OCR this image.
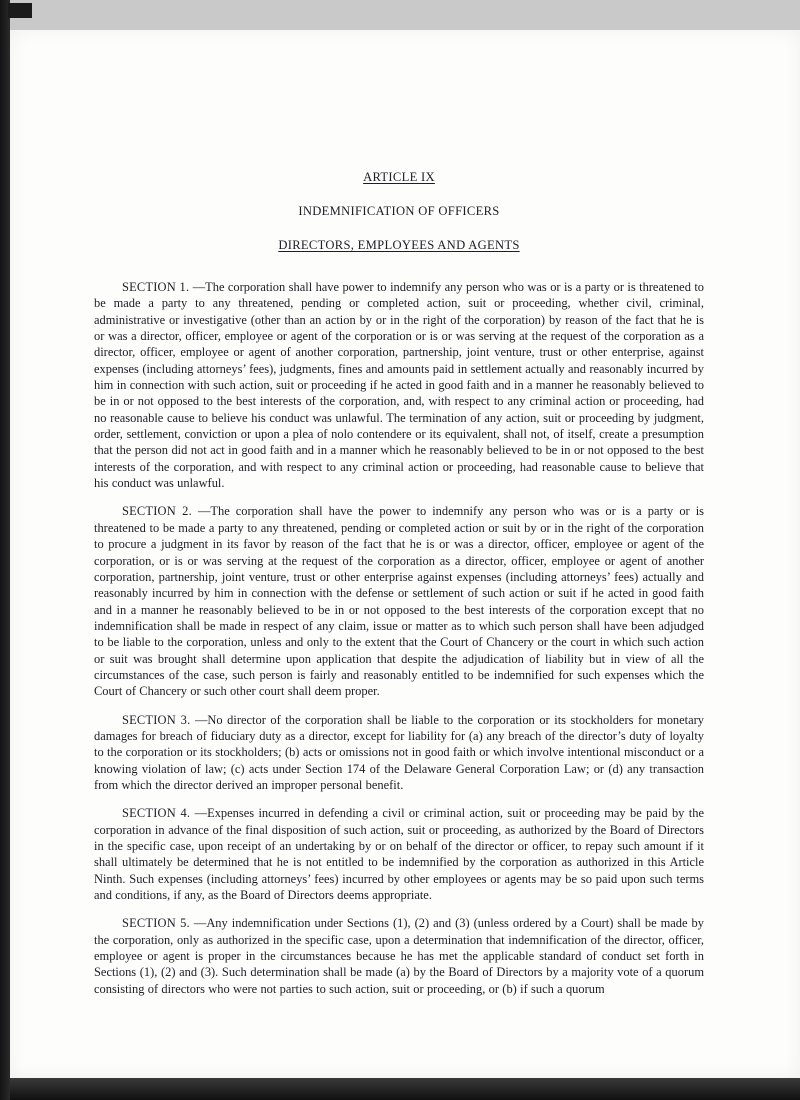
ARTICLE IX

INDEMNIFICATION OF OFFICERS

DIRECTORS, EMPLOYEES AND AGENTS

SECTION 1. —The corporation shall have power to indemnify any person who was or is a party or is threatened to be made a party to any threatened, pending or completed action, suit or proceeding, whether civil, criminal, administrative or investigative (other than an action by or in the right of the corporation) by reason of the fact that he is or was a director, officer, employee or agent of the corporation or is or was serving at the request of the corporation as a director, officer, employee or agent of another corporation, partnership, joint venture, trust or other enterprise, against expenses (including attorneys’ fees), judgments, fines and amounts paid in settlement actually and reasonably incurred by him in connection with such action, suit or proceeding if he acted in good faith and in a manner he reasonably believed to be in or not opposed to the best interests of the corporation, and, with respect to any criminal action or proceeding, had no reasonable cause to believe his conduct was unlawful. The termination of any action, suit or proceeding by judgment, order, settlement, conviction or upon a plea of nolo contendere or its equivalent, shall not, of itself, create a presumption that the person did not act in good faith and in a manner which he reasonably believed to be in or not opposed to the best interests of the corporation, and with respect to any criminal action or proceeding, had reasonable cause to believe that his conduct was unlawful.

SECTION 2. —The corporation shall have the power to indemnify any person who was or is a party or is threatened to be made a party to any threatened, pending or completed action or suit by or in the right of the corporation to procure a judgment in its favor by reason of the fact that he is or was a director, officer, employee or agent of the corporation, or is or was serving at the request of the corporation as a director, officer, employee or agent of another corporation, partnership, joint venture, trust or other enterprise against expenses (including attorneys’ fees) actually and reasonably incurred by him in connection with the defense or settlement of such action or suit if he acted in good faith and in a manner he reasonably believed to be in or not opposed to the best interests of the corporation except that no indemnification shall be made in respect of any claim, issue or matter as to which such person shall have been adjudged to be liable to the corporation, unless and only to the extent that the Court of Chancery or the court in which such action or suit was brought shall determine upon application that despite the adjudication of liability but in view of all the circumstances of the case, such person is fairly and reasonably entitled to be indemnified for such expenses which the Court of Chancery or such other court shall deem proper.

SECTION 3. —No director of the corporation shall be liable to the corporation or its stockholders for monetary damages for breach of fiduciary duty as a director, except for liability for (a) any breach of the director’s duty of loyalty to the corporation or its stockholders; (b) acts or omissions not in good faith or which involve intentional misconduct or a knowing violation of law; (c) acts under Section 174 of the Delaware General Corporation Law; or (d) any transaction from which the director derived an improper personal benefit.

SECTION 4. —Expenses incurred in defending a civil or criminal action, suit or proceeding may be paid by the corporation in advance of the final disposition of such action, suit or proceeding, as authorized by the Board of Directors in the specific case, upon receipt of an undertaking by or on behalf of the director or officer, to repay such amount if it shall ultimately be determined that he is not entitled to be indemnified by the corporation as authorized in this Article Ninth. Such expenses (including attorneys’ fees) incurred by other employees or agents may be so paid upon such terms and conditions, if any, as the Board of Directors deems appropriate.

SECTION 5. —Any indemnification under Sections (1), (2) and (3) (unless ordered by a Court) shall be made by the corporation, only as authorized in the specific case, upon a determination that indemnification of the director, officer, employee or agent is proper in the circumstances because he has met the applicable standard of conduct set forth in Sections (1), (2) and (3). Such determination shall be made (a) by the Board of Directors by a majority vote of a quorum consisting of directors who were not parties to such action, suit or proceeding, or (b) if such a quorum
